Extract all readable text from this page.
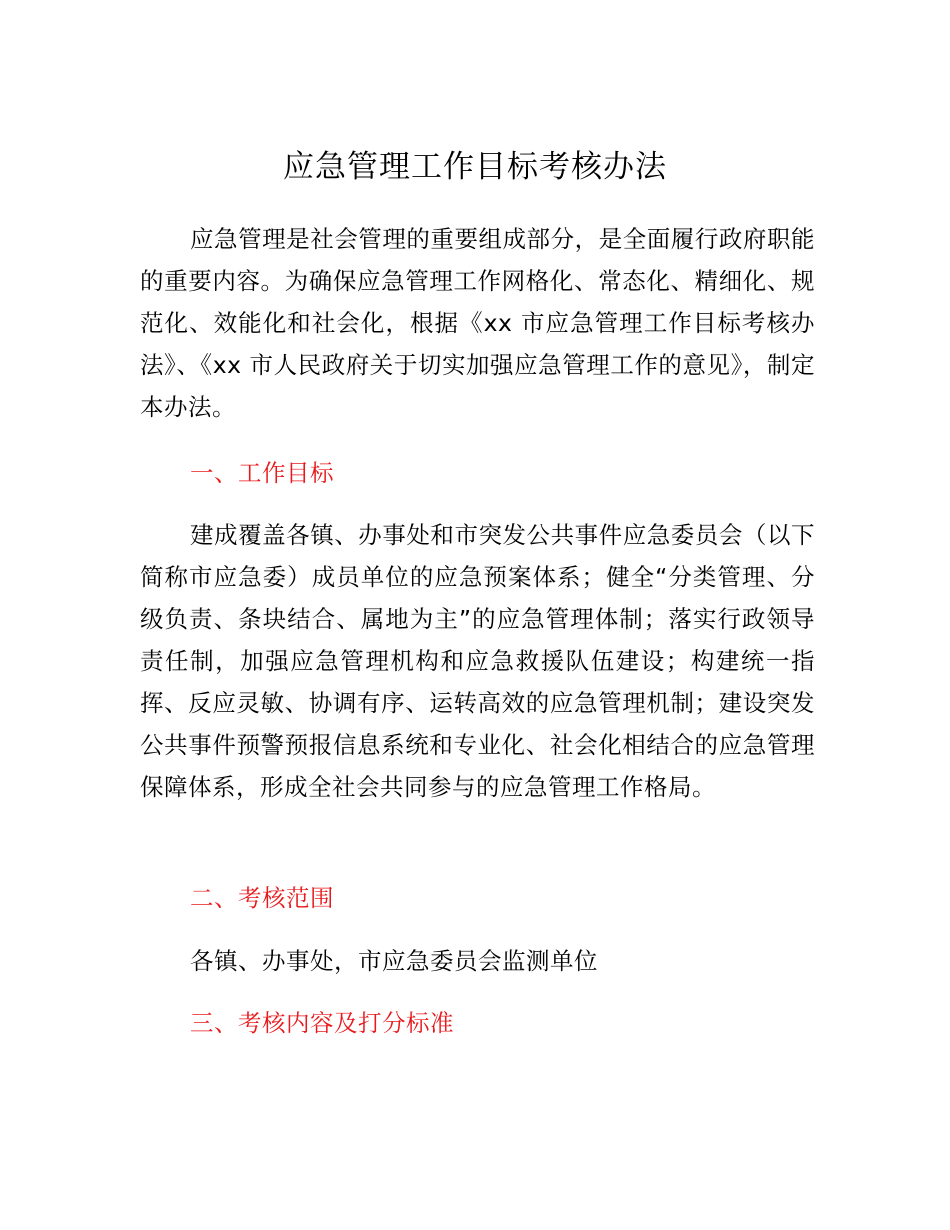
应急管理工作目标考核办法

应急管理是社会管理的重要组成部分，是全面履行政府职能的重要内容。为确保应急管理工作网格化、常态化、精细化、规范化、效能化和社会化，根据《xx 市应急管理工作目标考核办法》、《xx 市人民政府关于切实加强应急管理工作的意见》，制定本办法。

一、工作目标

建成覆盖各镇、办事处和市突发公共事件应急委员会（以下简称市应急委）成员单位的应急预案体系；健全“分类管理、分级负责、条块结合、属地为主”的应急管理体制；落实行政领导责任制，加强应急管理机构和应急救援队伍建设；构建统一指挥、反应灵敏、协调有序、运转高效的应急管理机制；建设突发公共事件预警预报信息系统和专业化、社会化相结合的应急管理保障体系，形成全社会共同参与的应急管理工作格局。

二、考核范围

各镇、办事处，市应急委员会监测单位

三、考核内容及打分标准
